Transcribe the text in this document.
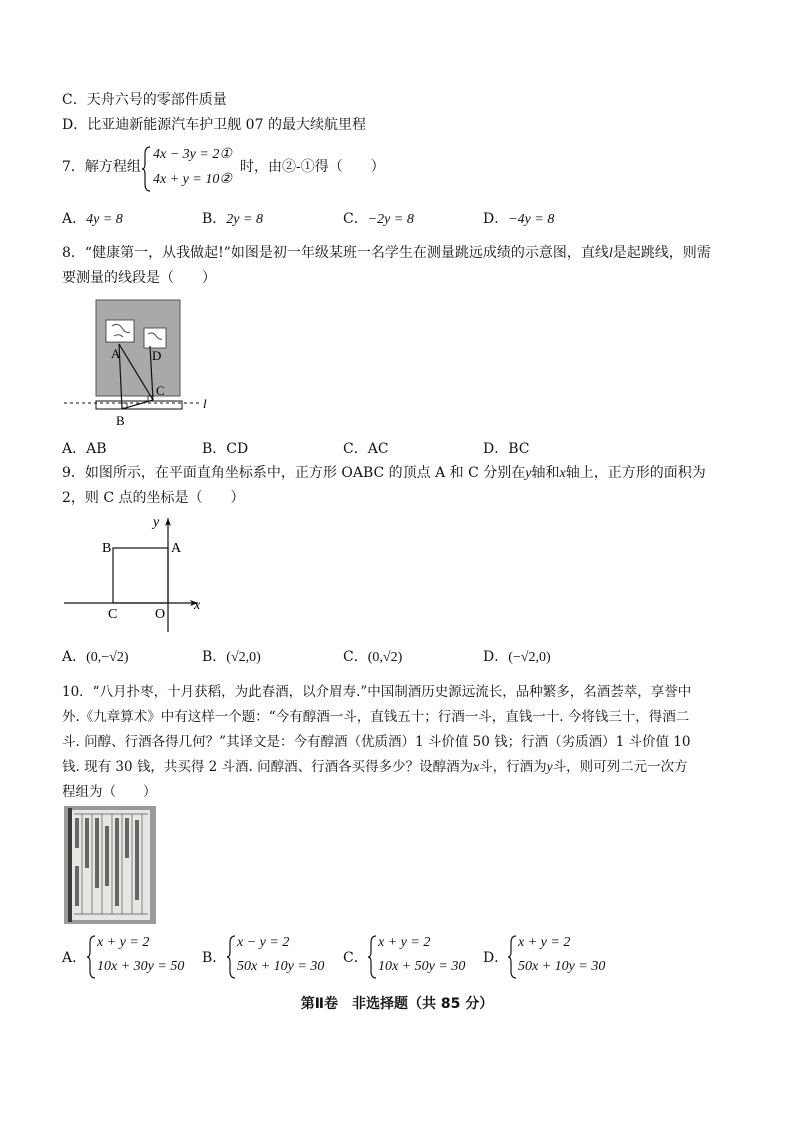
C．天舟六号的零部件质量
D．比亚迪新能源汽车护卫舰 07 的最大续航里程
7．解方程组
4x − 3y = 2①
4x + y = 10②
时，由②-①得（　　）
A．4y = 8	B．2y = 8	C．−2y = 8	D．−4y = 8
8．“健康第一，从我做起!”如图是初一年级某班一名学生在测量跳远成绩的示意图，直线l是起跳线，则需
要测量的线段是（　　）
A D
C
B
l
A．AB	B．CD	C．AC	D．BC
9．如图所示，在平面直角坐标系中，正方形 OABC 的顶点 A 和 C 分别在y轴和x轴上，正方形的面积为
2，则 C 点的坐标是（　　）
B	A
C	O
x
y
A．(0,−√2)	B．(√2,0)	C．(0,√2)	D．(−√2,0)
10．“八月扑枣，十月获稻，为此春酒，以介眉寿.”中国制酒历史源远流长，品种繁多，名酒荟萃，享誉中
外.《九章算术》中有这样一个题：“今有醇酒一斗，直钱五十；行酒一斗，直钱一十. 今将钱三十，得酒二
斗. 问醇、行酒各得几何？”其译文是：今有醇酒（优质酒）1 斗价值 50 钱；行酒（劣质酒）1 斗价值 10
钱. 现有 30 钱，共买得 2 斗酒. 问醇酒、行酒各买得多少？设醇酒为x斗，行酒为y斗，则可列二元一次方
程组为（　　）
A．
x + y = 2
10x + 30y = 50
B．
x − y = 2
50x + 10y = 30
C．
x + y = 2
10x + 50y = 30
D．
x + y = 2
50x + 10y = 30
第Ⅱ卷　非选择题（共 85 分）
